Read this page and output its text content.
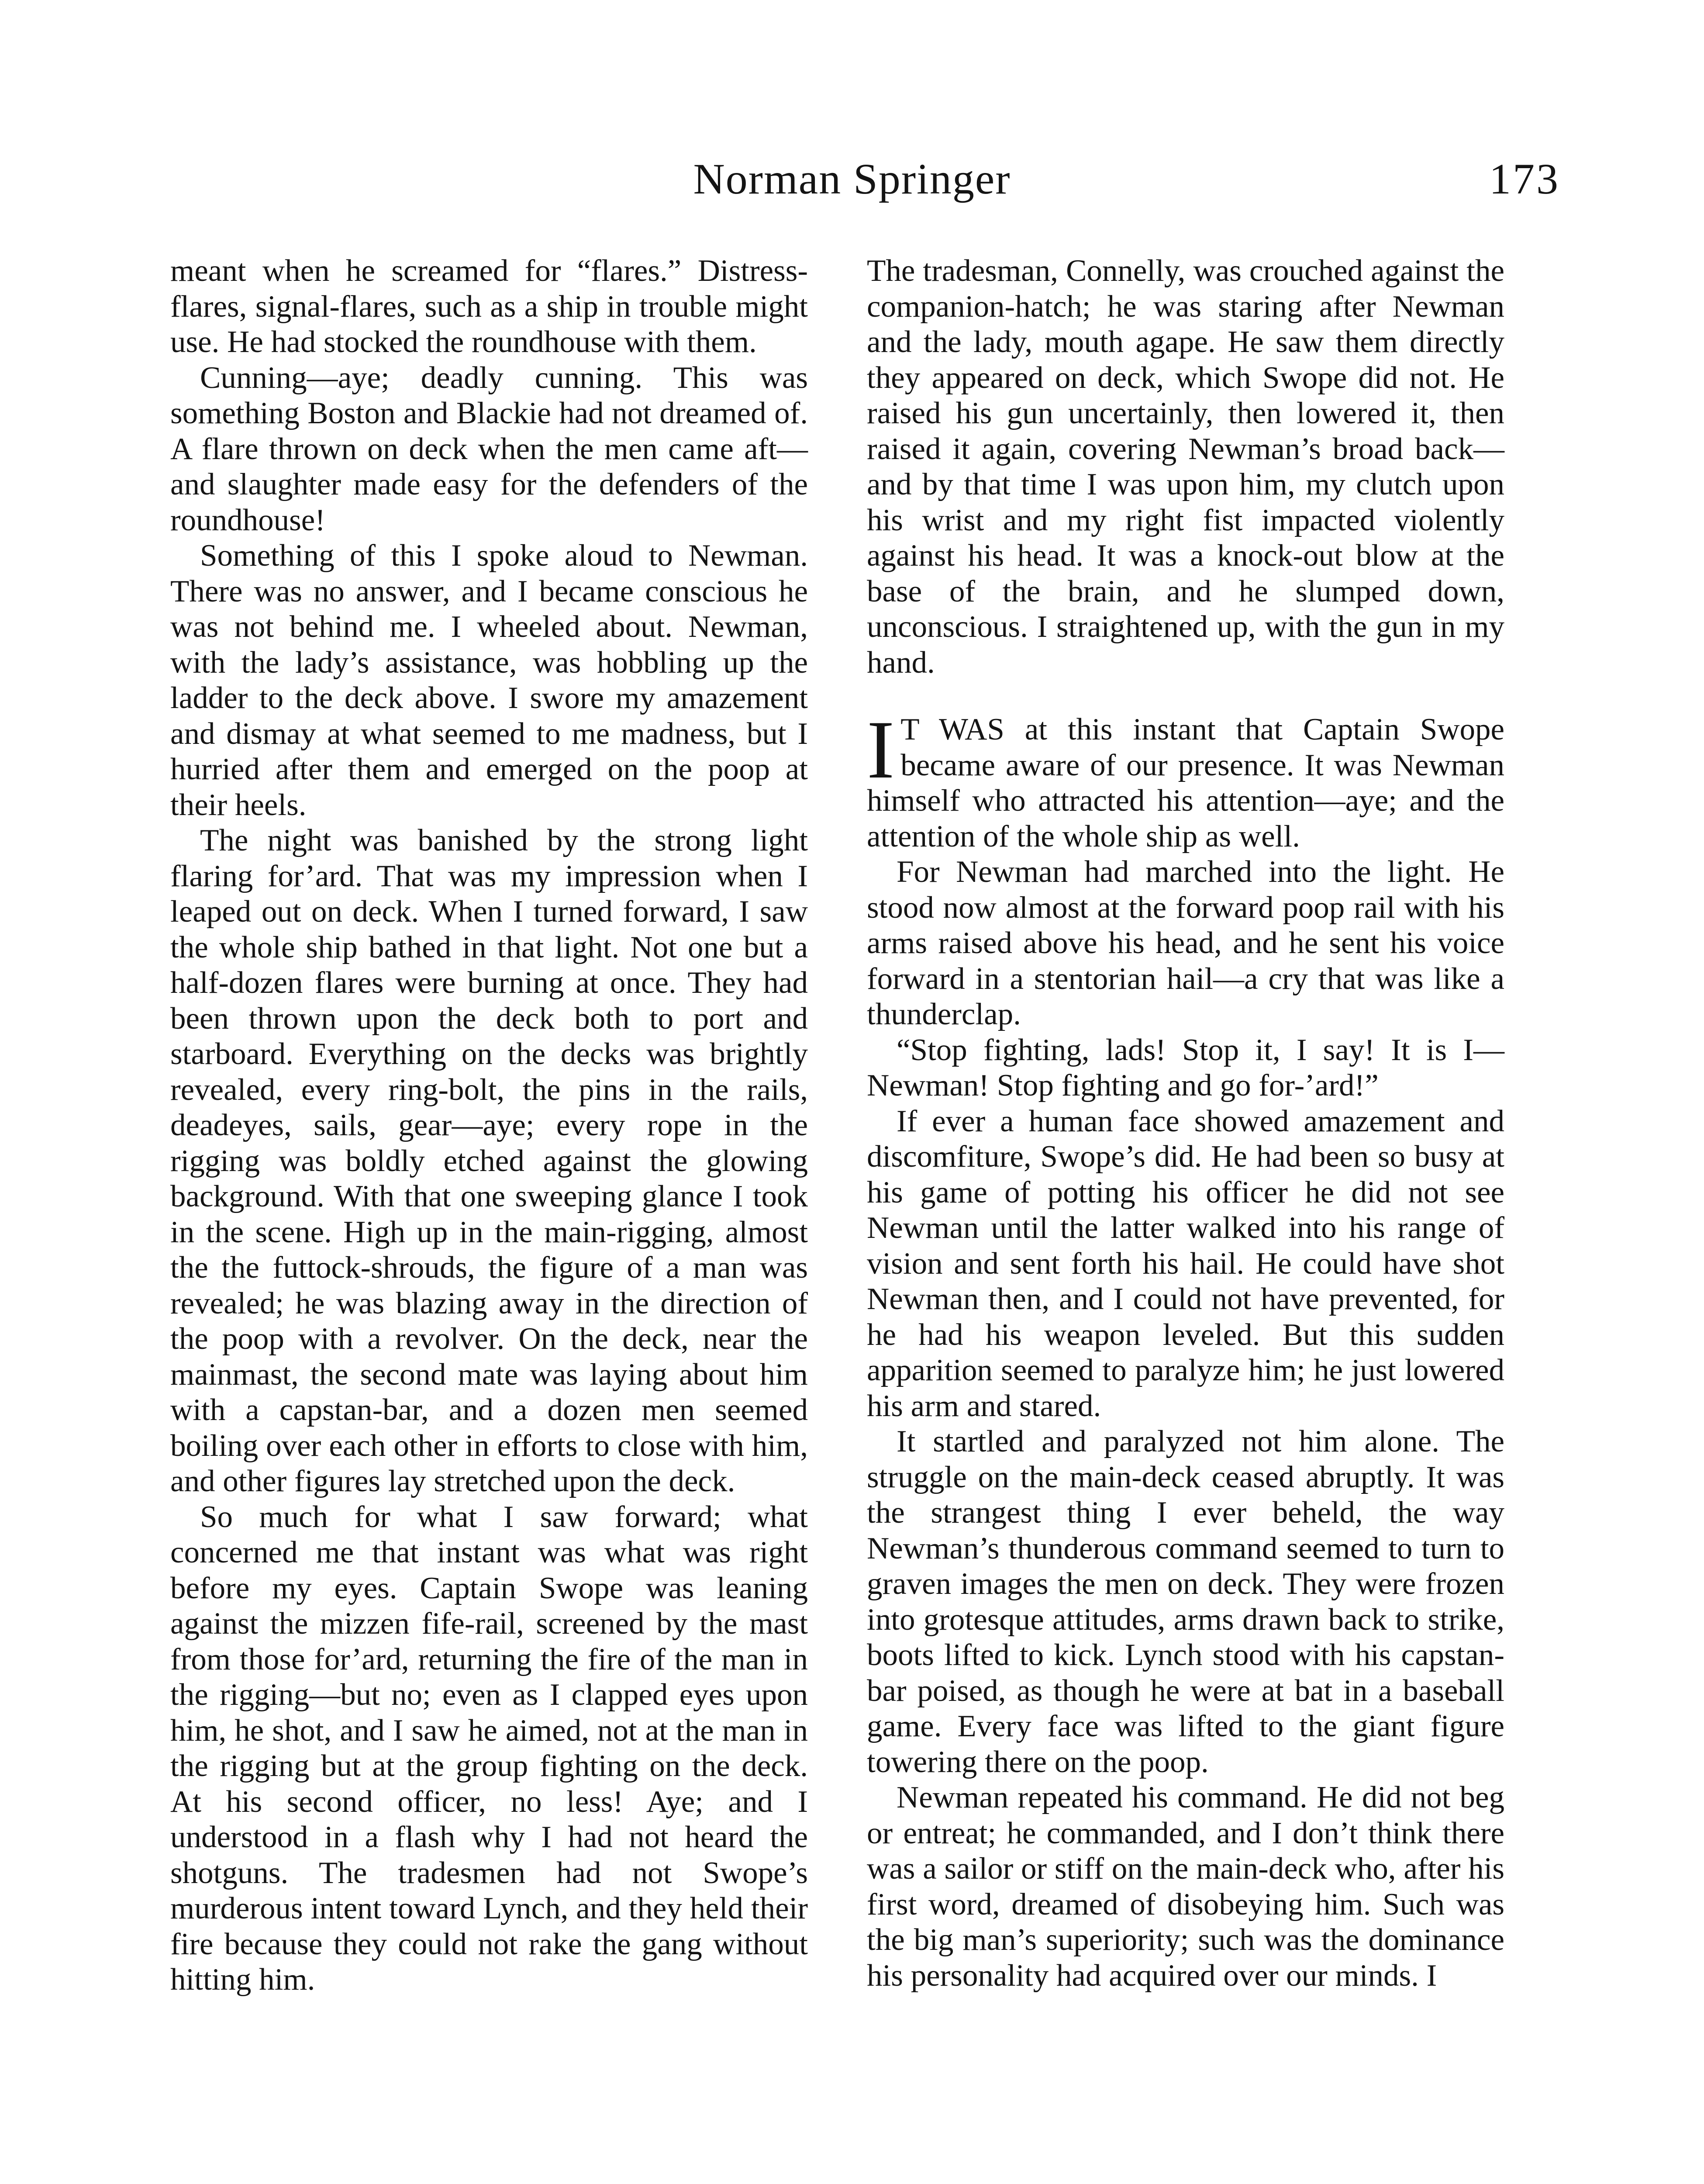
Norman Springer	173

meant when he screamed for “flares.” Distress-flares, signal-flares, such as a ship in trouble might use. He had stocked the roundhouse with them.

Cunning—aye; deadly cunning. This was something Boston and Blackie had not dreamed of. A flare thrown on deck when the men came aft—and slaughter made easy for the defenders of the roundhouse!

Something of this I spoke aloud to Newman. There was no answer, and I became conscious he was not behind me. I wheeled about. Newman, with the lady’s assistance, was hobbling up the ladder to the deck above. I swore my amazement and dismay at what seemed to me madness, but I hurried after them and emerged on the poop at their heels.

The night was banished by the strong light flaring for’ard. That was my impression when I leaped out on deck. When I turned forward, I saw the whole ship bathed in that light. Not one but a half-dozen flares were burning at once. They had been thrown upon the deck both to port and starboard. Everything on the decks was brightly revealed, every ring-bolt, the pins in the rails, deadeyes, sails, gear—aye; every rope in the rigging was boldly etched against the glowing background. With that one sweeping glance I took in the scene. High up in the main-rigging, almost the the futtock-shrouds, the figure of a man was revealed; he was blazing away in the direction of the poop with a revolver. On the deck, near the mainmast, the second mate was laying about him with a capstan-bar, and a dozen men seemed boiling over each other in efforts to close with him, and other figures lay stretched upon the deck.

So much for what I saw forward; what concerned me that instant was what was right before my eyes. Captain Swope was leaning against the mizzen fife-rail, screened by the mast from those for’ard, returning the fire of the man in the rigging—but no; even as I clapped eyes upon him, he shot, and I saw he aimed, not at the man in the rigging but at the group fighting on the deck. At his second officer, no less! Aye; and I understood in a flash why I had not heard the shotguns. The tradesmen had not Swope’s murderous intent toward Lynch, and they held their fire because they could not rake the gang without hitting him.

The tradesman, Connelly, was crouched against the companion-hatch; he was staring after Newman and the lady, mouth agape. He saw them directly they appeared on deck, which Swope did not. He raised his gun uncertainly, then lowered it, then raised it again, covering Newman’s broad back—and by that time I was upon him, my clutch upon his wrist and my right fist impacted violently against his head. It was a knock-out blow at the base of the brain, and he slumped down, unconscious. I straightened up, with the gun in my hand.

I T WAS at this instant that Captain Swope became aware of our presence. It was Newman himself who attracted his attention—aye; and the attention of the whole ship as well.

For Newman had marched into the light. He stood now almost at the forward poop rail with his arms raised above his head, and he sent his voice forward in a stentorian hail—a cry that was like a thunderclap.

“Stop fighting, lads! Stop it, I say! It is I—Newman! Stop fighting and go for-’ard!”

If ever a human face showed amazement and discomfiture, Swope’s did. He had been so busy at his game of potting his officer he did not see Newman until the latter walked into his range of vision and sent forth his hail. He could have shot Newman then, and I could not have prevented, for he had his weapon leveled. But this sudden apparition seemed to paralyze him; he just lowered his arm and stared.

It startled and paralyzed not him alone. The struggle on the main-deck ceased abruptly. It was the strangest thing I ever beheld, the way Newman’s thunderous command seemed to turn to graven images the men on deck. They were frozen into grotesque attitudes, arms drawn back to strike, boots lifted to kick. Lynch stood with his capstan-bar poised, as though he were at bat in a baseball game. Every face was lifted to the giant figure towering there on the poop.

Newman repeated his command. He did not beg or entreat; he commanded, and I don’t think there was a sailor or stiff on the main-deck who, after his first word, dreamed of disobeying him. Such was the big man’s superiority; such was the dominance his personality had acquired over our minds. I
